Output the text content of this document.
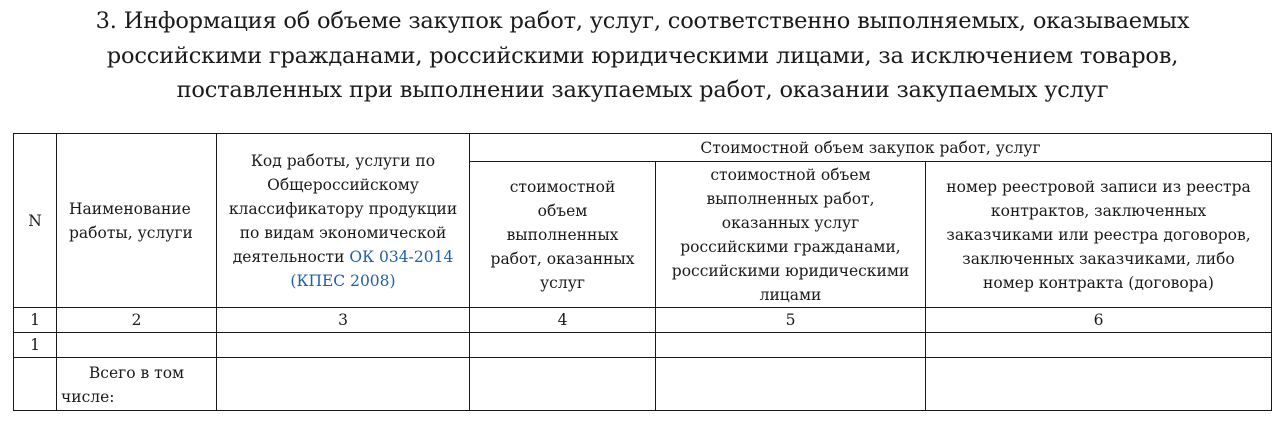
3. Информация об объеме закупок работ, услуг, соответственно выполняемых, оказываемых
российскими гражданами, российскими юридическими лицами, за исключением товаров,
поставленных при выполнении закупаемых работ, оказании закупаемых услуг
N	Наименование работы, услуги	Код работы, услуги по Общероссийскому классификатору продукции по видам экономической деятельности ОК 034-2014 (КПЕС 2008)	Стоимостной объем закупок работ, услуг		
			стоимостной объем выполненных работ, оказанных услуг	стоимостной объем выполненных работ, оказанных услуг российскими гражданами, российскими юридическими лицами	номер реестровой записи из реестра контрактов, заключенных заказчиками или реестра договоров, заключенных заказчиками, либо номер контракта (договора)
1	2	3	4	5	6
1					
	Всего в том числе:				
